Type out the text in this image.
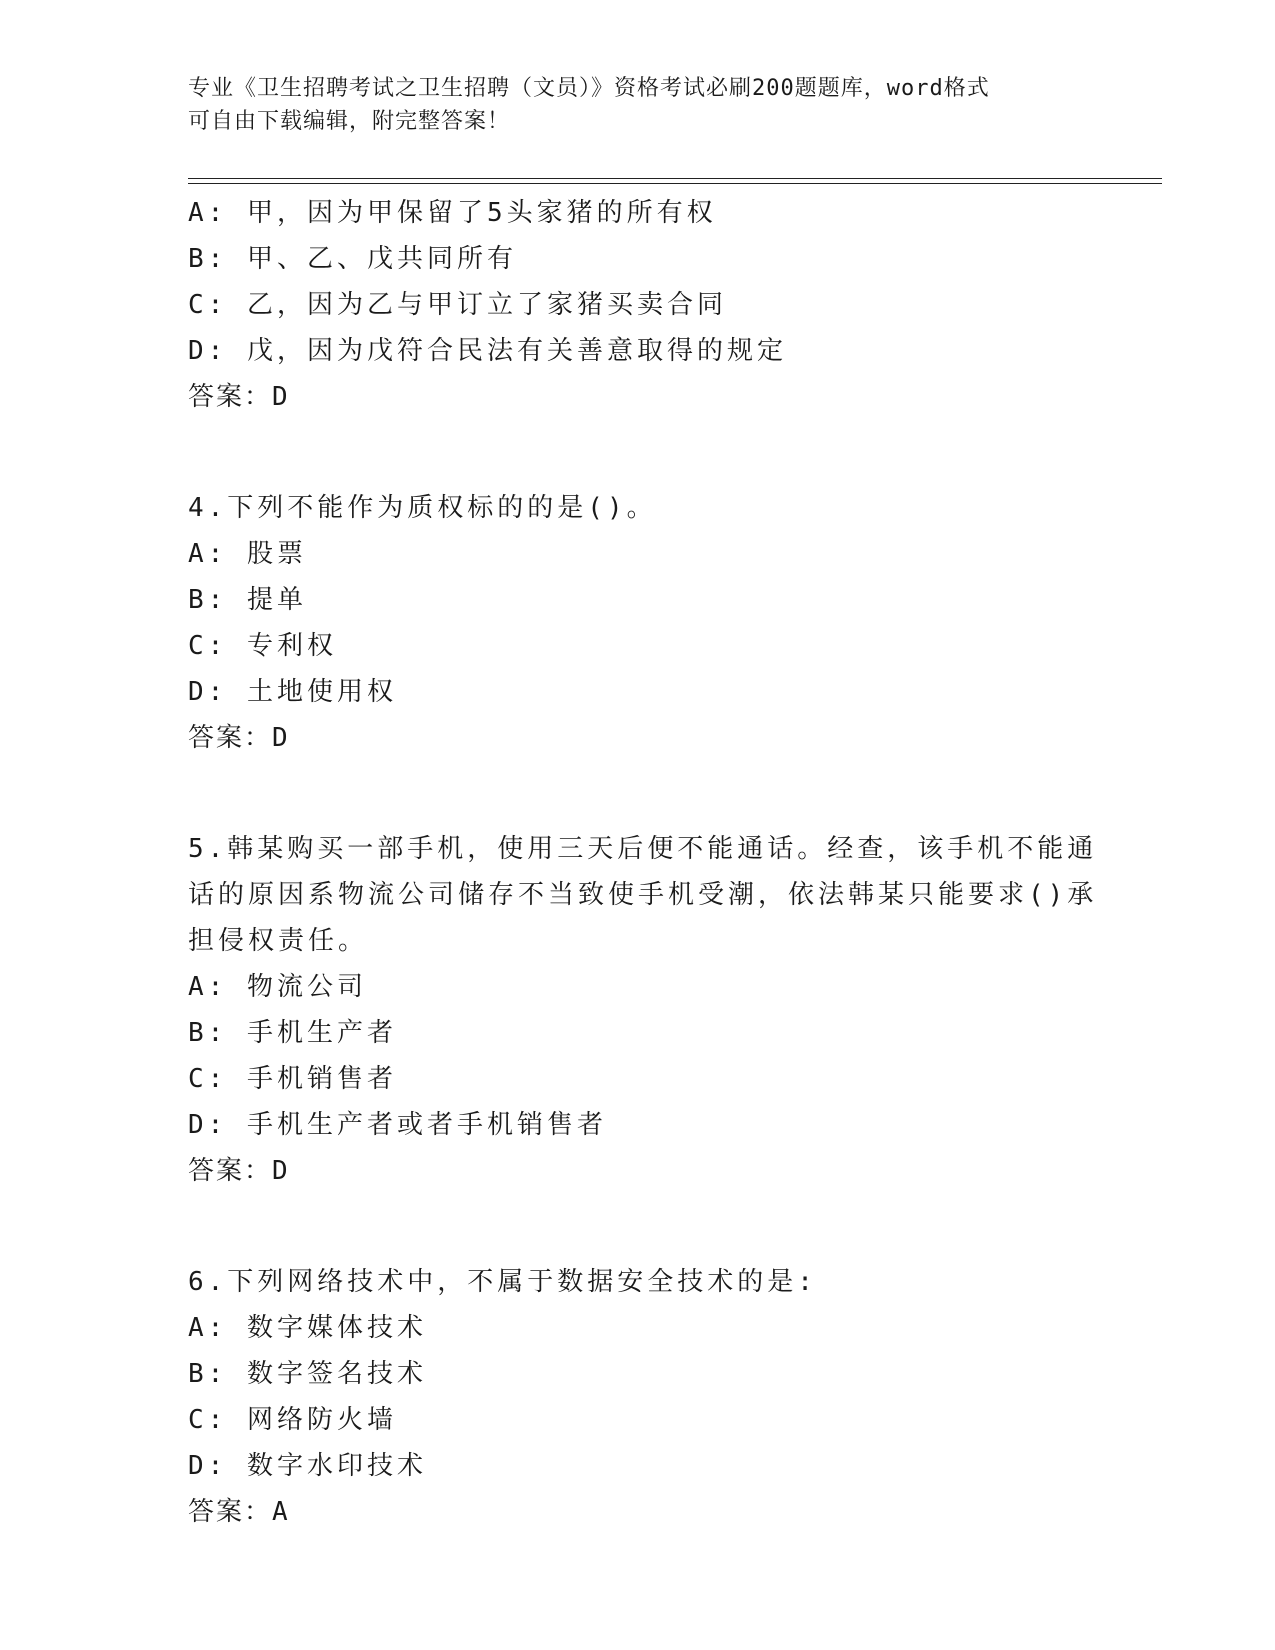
专业《卫生招聘考试之卫生招聘（文员）》资格考试必刷200题题库，word格式
可自由下载编辑，附完整答案！
A: 甲，因为甲保留了5头家猪的所有权
B: 甲、乙、戊共同所有
C: 乙，因为乙与甲订立了家猪买卖合同
D: 戊，因为戊符合民法有关善意取得的规定
答案：D
4.下列不能作为质权标的的是()。
A: 股票
B: 提单
C: 专利权
D: 土地使用权
答案：D
5.韩某购买一部手机，使用三天后便不能通话。经查，该手机不能通
话的原因系物流公司储存不当致使手机受潮，依法韩某只能要求()承
担侵权责任。
A: 物流公司
B: 手机生产者
C: 手机销售者
D: 手机生产者或者手机销售者
答案：D
6.下列网络技术中，不属于数据安全技术的是:
A: 数字媒体技术
B: 数字签名技术
C: 网络防火墙
D: 数字水印技术
答案：A
